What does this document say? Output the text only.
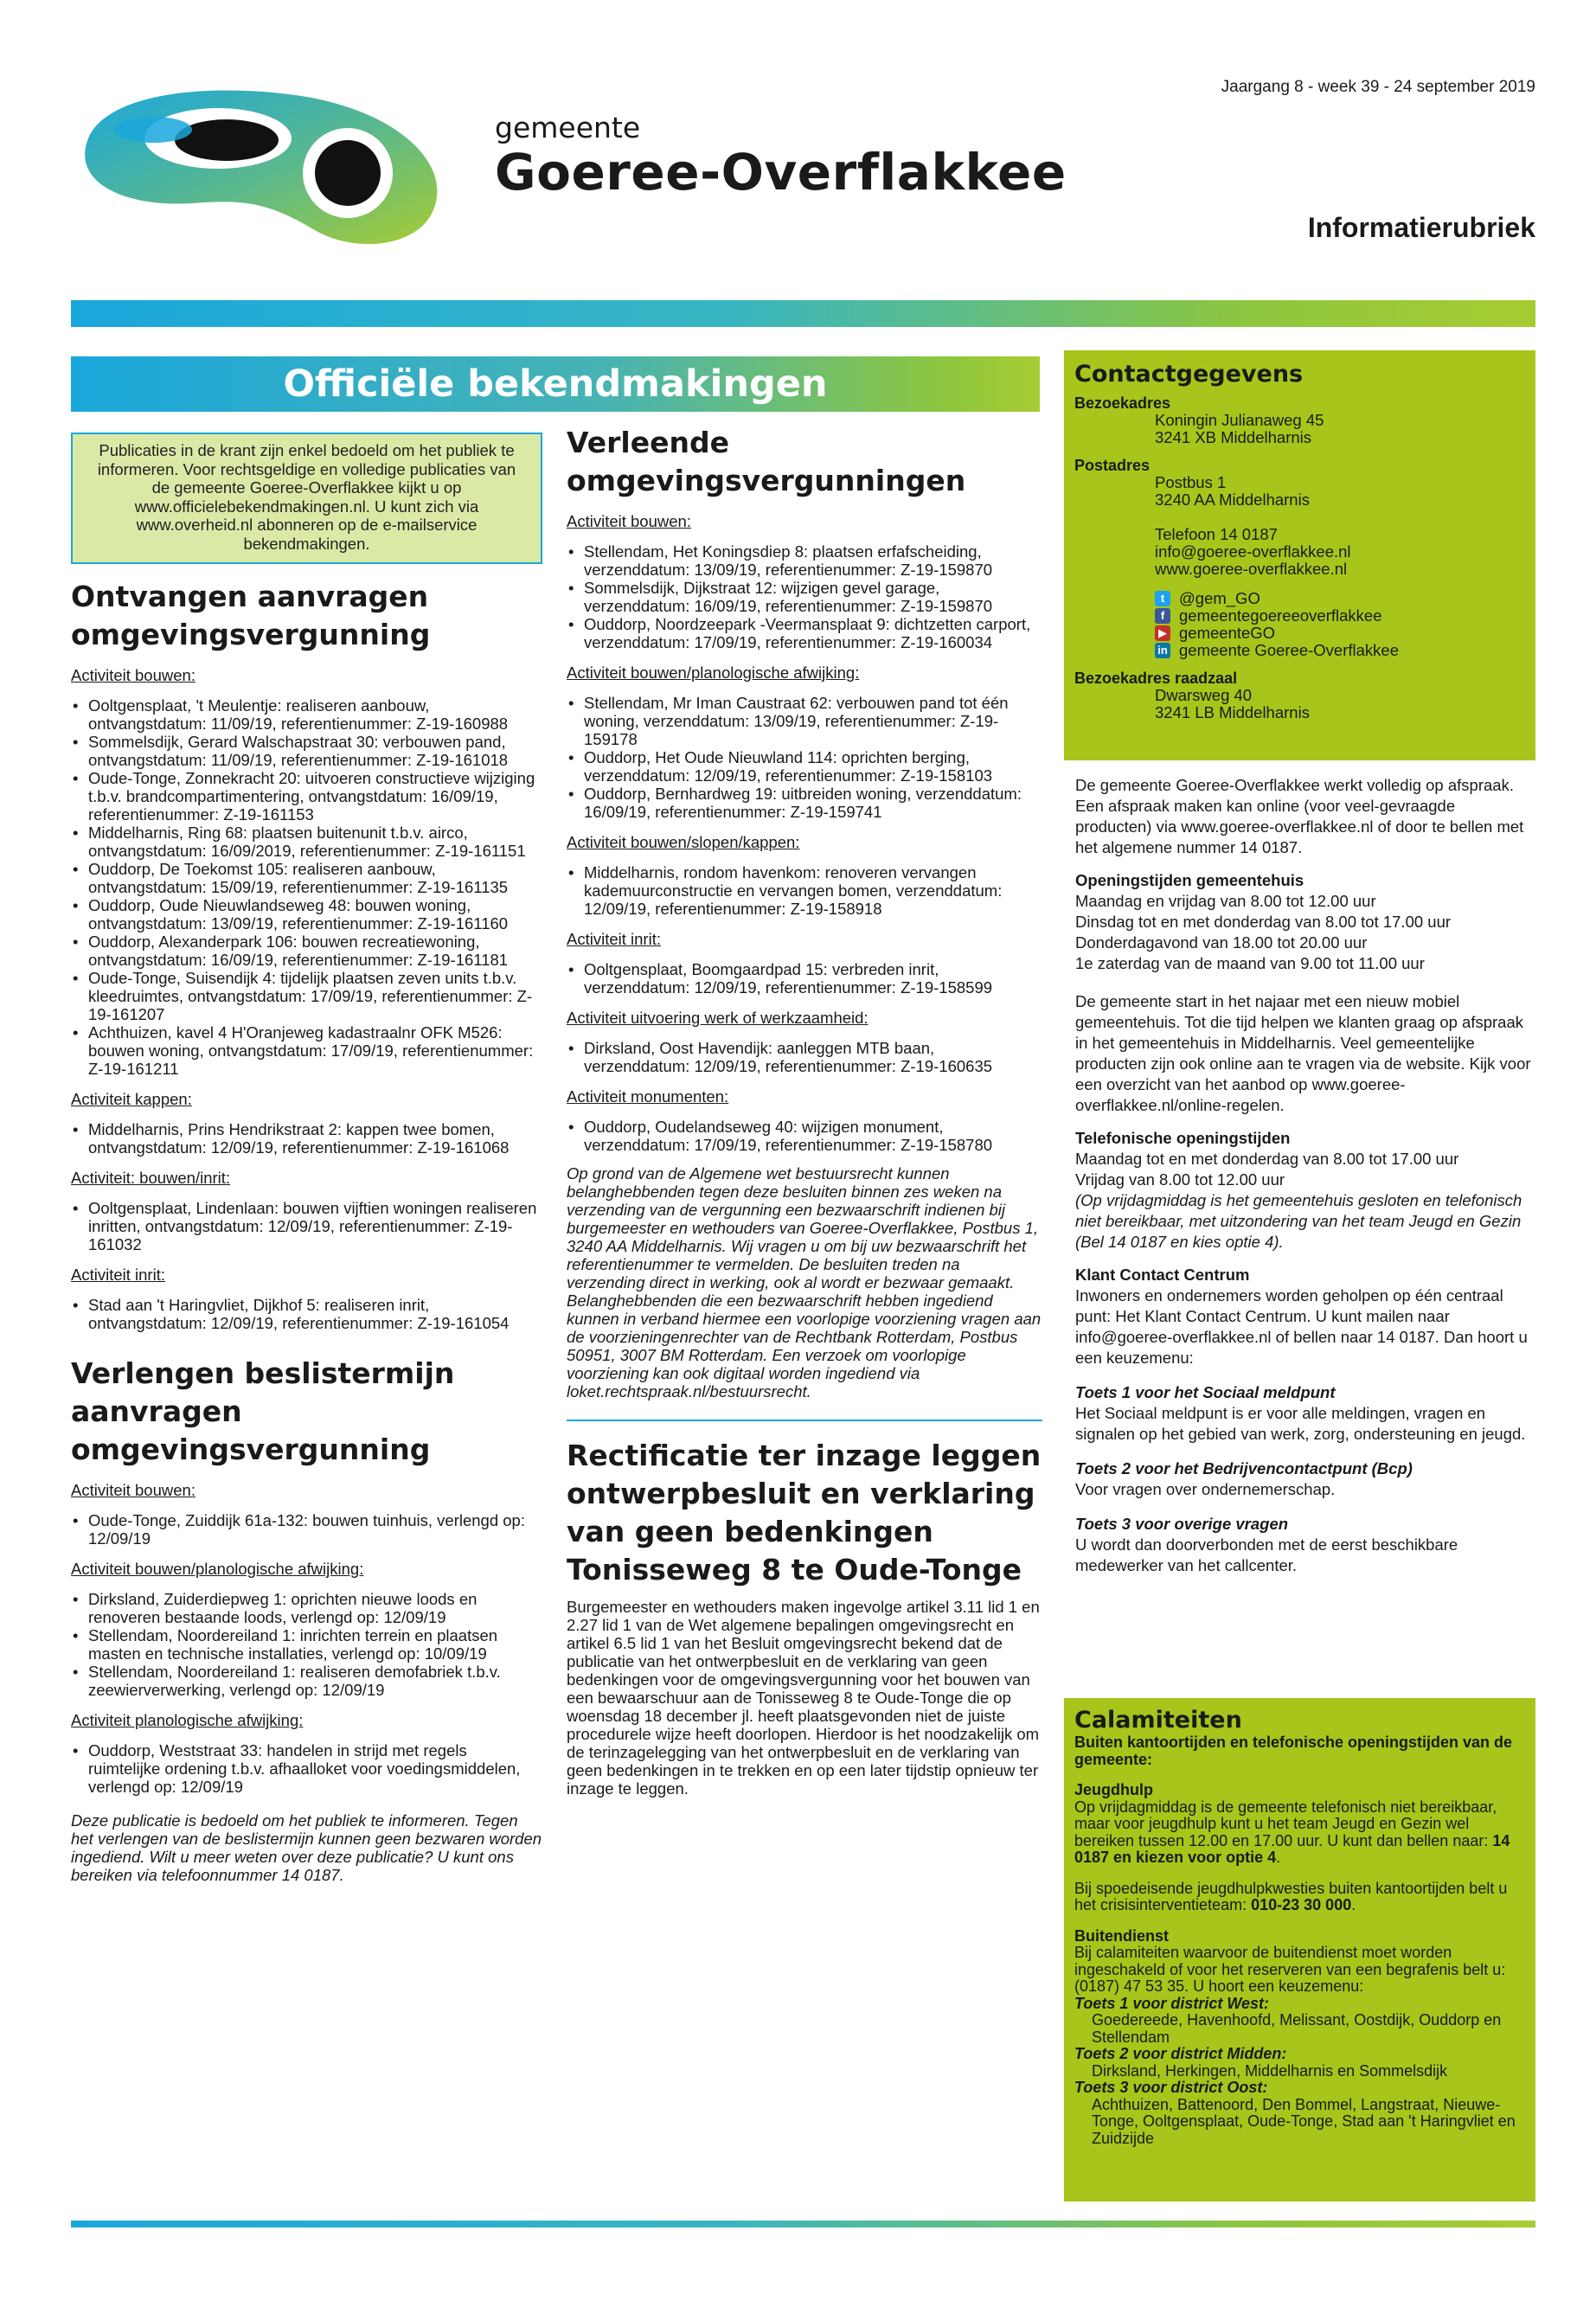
gemeente
Goeree-Overflakkee
Jaargang 8 - week 39 - 24 september 2019
Informatierubriek
Officiële bekendmakingen
Publicaties in de krant zijn enkel bedoeld om het publiek te informeren. Voor rechtsgeldige en volledige publicaties van de gemeente Goeree-Overflakkee kijkt u op www.officielebekendmakingen.nl. U kunt zich via www.overheid.nl abonneren op de e-mailservice bekendmakingen.
Ontvangen aanvragen omgevingsvergunning
Activiteit bouwen:
• Ooltgensplaat, 't Meulentje: realiseren aanbouw, ontvangstdatum: 11/09/19, referentienummer: Z-19-160988
• Sommelsdijk, Gerard Walschapstraat 30: verbouwen pand, ontvangstdatum: 11/09/19, referentienummer: Z-19-161018
• Oude-Tonge, Zonnekracht 20: uitvoeren constructieve wijziging t.b.v. brandcompartimentering, ontvangstdatum: 16/09/19, referentienummer: Z-19-161153
• Middelharnis, Ring 68: plaatsen buitenunit t.b.v. airco, ontvangstdatum: 16/09/2019, referentienummer: Z-19-161151
• Ouddorp, De Toekomst 105: realiseren aanbouw, ontvangstdatum: 15/09/19, referentienummer: Z-19-161135
• Ouddorp, Oude Nieuwlandseweg 48: bouwen woning, ontvangstdatum: 13/09/19, referentienummer: Z-19-161160
• Ouddorp, Alexanderpark 106: bouwen recreatiewoning, ontvangstdatum: 16/09/19, referentienummer: Z-19-161181
• Oude-Tonge, Suisendijk 4: tijdelijk plaatsen zeven units t.b.v. kleedruimtes, ontvangstdatum: 17/09/19, referentienummer: Z-19-161207
• Achthuizen, kavel 4 H'Oranjeweg kadastraalnr OFK M526: bouwen woning, ontvangstdatum: 17/09/19, referentienummer: Z-19-161211
Activiteit kappen:
• Middelharnis, Prins Hendrikstraat 2: kappen twee bomen, ontvangstdatum: 12/09/19, referentienummer: Z-19-161068
Activiteit: bouwen/inrit:
• Ooltgensplaat, Lindenlaan: bouwen vijftien woningen realiseren inritten, ontvangstdatum: 12/09/19, referentienummer: Z-19-161032
Activiteit inrit:
• Stad aan 't Haringvliet, Dijkhof 5: realiseren inrit, ontvangstdatum: 12/09/19, referentienummer: Z-19-161054
Verlengen beslistermijn aanvragen omgevingsvergunning
Activiteit bouwen:
• Oude-Tonge, Zuiddijk 61a-132: bouwen tuinhuis, verlengd op: 12/09/19
Activiteit bouwen/planologische afwijking:
• Dirksland, Zuiderdiepweg 1: oprichten nieuwe loods en renoveren bestaande loods, verlengd op: 12/09/19
• Stellendam, Noordereiland 1: inrichten terrein en plaatsen masten en technische installaties, verlengd op: 10/09/19
• Stellendam, Noordereiland 1: realiseren demofabriek t.b.v. zeewierverwerking, verlengd op: 12/09/19
Activiteit planologische afwijking:
• Ouddorp, Weststraat 33: handelen in strijd met regels ruimtelijke ordening t.b.v. afhaalloket voor voedingsmiddelen, verlengd op: 12/09/19

Deze publicatie is bedoeld om het publiek te informeren. Tegen het verlengen van de beslistermijn kunnen geen bezwaren worden ingediend. Wilt u meer weten over deze publicatie? U kunt ons bereiken via telefoonnummer 14 0187.

Verleende omgevingsvergunningen
Activiteit bouwen:
• Stellendam, Het Koningsdiep 8: plaatsen erfafscheiding, verzenddatum: 13/09/19, referentienummer: Z-19-159870
• Sommelsdijk, Dijkstraat 12: wijzigen gevel garage, verzenddatum: 16/09/19, referentienummer: Z-19-159870
• Ouddorp, Noordzeepark -Veermansplaat 9: dichtzetten carport, verzenddatum: 17/09/19, referentienummer: Z-19-160034
Activiteit bouwen/planologische afwijking:
• Stellendam, Mr Iman Caustraat 62: verbouwen pand tot één woning, verzenddatum: 13/09/19, referentienummer: Z-19-159178
• Ouddorp, Het Oude Nieuwland 114: oprichten berging, verzenddatum: 12/09/19, referentienummer: Z-19-158103
• Ouddorp, Bernhardweg 19: uitbreiden woning, verzenddatum: 16/09/19, referentienummer: Z-19-159741
Activiteit bouwen/slopen/kappen:
• Middelharnis, rondom havenkom: renoveren vervangen kademuurconstructie en vervangen bomen, verzenddatum: 12/09/19, referentienummer: Z-19-158918
Activiteit inrit:
• Ooltgensplaat, Boomgaardpad 15: verbreden inrit, verzenddatum: 12/09/19, referentienummer: Z-19-158599
Activiteit uitvoering werk of werkzaamheid:
• Dirksland, Oost Havendijk: aanleggen MTB baan, verzenddatum: 12/09/19, referentienummer: Z-19-160635
Activiteit monumenten:
• Ouddorp, Oudelandseweg 40: wijzigen monument, verzenddatum: 17/09/19, referentienummer: Z-19-158780

Op grond van de Algemene wet bestuursrecht kunnen belanghebbenden tegen deze besluiten binnen zes weken na verzending van de vergunning een bezwaarschrift indienen bij burgemeester en wethouders van Goeree-Overflakkee, Postbus 1, 3240 AA Middelharnis. Wij vragen u om bij uw bezwaarschrift het referentienummer te vermelden. De besluiten treden na verzending direct in werking, ook al wordt er bezwaar gemaakt. Belanghebbenden die een bezwaarschrift hebben ingediend kunnen in verband hiermee een voorlopige voorziening vragen aan de voorzieningenrechter van de Rechtbank Rotterdam, Postbus 50951, 3007 BM Rotterdam. Een verzoek om voorlopige voorziening kan ook digitaal worden ingediend via loket.rechtspraak.nl/bestuursrecht.

Rectificatie ter inzage leggen ontwerpbesluit en verklaring van geen bedenkingen Tonisseweg 8 te Oude-Tonge

Burgemeester en wethouders maken ingevolge artikel 3.11 lid 1 en 2.27 lid 1 van de Wet algemene bepalingen omgevingsrecht en artikel 6.5 lid 1 van het Besluit omgevingsrecht bekend dat de publicatie van het ontwerpbesluit en de verklaring van geen bedenkingen voor de omgevingsvergunning voor het bouwen van een bewaarschuur aan de Tonisseweg 8 te Oude-Tonge die op woensdag 18 december jl. heeft plaatsgevonden niet de juiste procedurele wijze heeft doorlopen. Hierdoor is het noodzakelijk om de terinzagelegging van het ontwerpbesluit en de verklaring van geen bedenkingen in te trekken en op een later tijdstip opnieuw ter inzage te leggen.

Contactgegevens
Bezoekadres
Koningin Julianaweg 45
3241 XB Middelharnis
Postadres
Postbus 1
3240 AA Middelharnis
Telefoon 14 0187
info@goeree-overflakkee.nl
www.goeree-overflakkee.nl
t @gem_GO
f gemeentegoereeoverflakkee
▶ gemeenteGO
in gemeente Goeree-Overflakkee
Bezoekadres raadzaal
Dwarsweg 40
3241 LB Middelharnis

De gemeente Goeree-Overflakkee werkt volledig op afspraak. Een afspraak maken kan online (voor veel-gevraagde producten) via www.goeree-overflakkee.nl of door te bellen met het algemene nummer 14 0187.

Openingstijden gemeentehuis
Maandag en vrijdag van 8.00 tot 12.00 uur
Dinsdag tot en met donderdag van 8.00 tot 17.00 uur
Donderdagavond van 18.00 tot 20.00 uur
1e zaterdag van de maand van 9.00 tot 11.00 uur

De gemeente start in het najaar met een nieuw mobiel gemeentehuis. Tot die tijd helpen we klanten graag op afspraak in het gemeentehuis in Middelharnis. Veel gemeentelijke producten zijn ook online aan te vragen via de website. Kijk voor een overzicht van het aanbod op www.goeree-overflakkee.nl/online-regelen.

Telefonische openingstijden
Maandag tot en met donderdag van 8.00 tot 17.00 uur
Vrijdag van 8.00 tot 12.00 uur

(Op vrijdagmiddag is het gemeentehuis gesloten en telefonisch niet bereikbaar, met uitzondering van het team Jeugd en Gezin (Bel 14 0187 en kies optie 4).

Klant Contact Centrum

Inwoners en ondernemers worden geholpen op één centraal punt: Het Klant Contact Centrum. U kunt mailen naar info@goeree-overflakkee.nl of bellen naar 14 0187. Dan hoort u een keuzemenu:

Toets 1 voor het Sociaal meldpunt

Het Sociaal meldpunt is er voor alle meldingen, vragen en signalen op het gebied van werk, zorg, ondersteuning en jeugd.

Toets 2 voor het Bedrijvencontactpunt (Bcp)

Voor vragen over ondernemerschap.

Toets 3 voor overige vragen

U wordt dan doorverbonden met de eerst beschikbare medewerker van het callcenter.

Calamiteiten
Buiten kantoortijden en telefonische openingstijden van de gemeente:
Jeugdhulp

Op vrijdagmiddag is de gemeente telefonisch niet bereikbaar, maar voor jeugdhulp kunt u het team Jeugd en Gezin wel bereiken tussen 12.00 en 17.00 uur. U kunt dan bellen naar: 14 0187 en kiezen voor optie 4.

Bij spoedeisende jeugdhulpkwesties buiten kantoortijden belt u het crisisinterventieteam: 010-23 30 000.

Buitendienst

Bij calamiteiten waarvoor de buitendienst moet worden ingeschakeld of voor het reserveren van een begrafenis belt u: (0187) 47 53 35. U hoort een keuzemenu:

Toets 1 voor district West:
Goedereede, Havenhoofd, Melissant, Oostdijk, Ouddorp en Stellendam
Toets 2 voor district Midden:
Dirksland, Herkingen, Middelharnis en Sommelsdijk
Toets 3 voor district Oost:
Achthuizen, Battenoord, Den Bommel, Langstraat, Nieuwe-Tonge, Ooltgensplaat, Oude-Tonge, Stad aan 't Haringvliet en Zuidzijde
